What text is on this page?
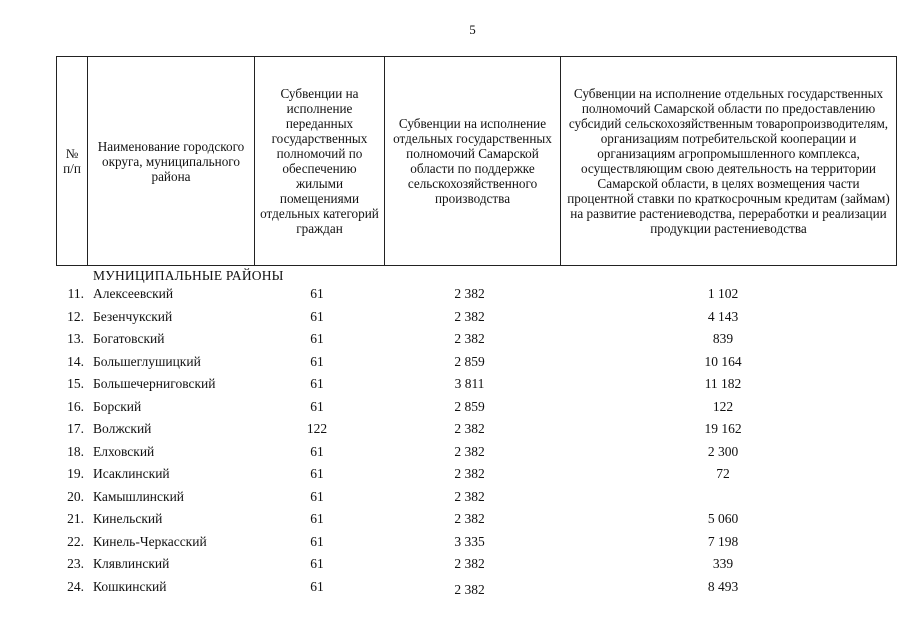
5
№ п/п	Наименование городского округа, муниципального района	Субвенции на исполнение переданных государственных полномочий по обеспечению жилыми помещениями отдельных категорий граждан	Субвенции на исполнение отдельных государственных полномочий Самарской области по поддержке сельскохозяйственного производства	Субвенции на исполнение отдельных государственных полномочий Самарской области по предоставлению субсидий сельскохозяйственным товаропроизводителям, организациям потребительской кооперации и организациям агропромышленного комплекса, осуществляющим свою деятельность на территории Самарской области, в целях возмещения части процентной ставки по краткосрочным кредитам (займам) на развитие растениеводства, переработки и реализации продукции растениеводства
МУНИЦИПАЛЬНЫЕ РАЙОНЫ
11. Алексеевский	61	2 382	1 102
12. Безенчукский	61	2 382	4 143
13. Богатовский	61	2 382	839
14. Большеглушицкий	61	2 859	10 164
15. Большечерниговский	61	3 811	11 182
16. Борский	61	2 859	122
17. Волжский	122	2 382	19 162
18. Елховский	61	2 382	2 300
19. Исаклинский	61	2 382	72
20. Камышлинский	61	2 382
21. Кинельский	61	2 382	5 060
22. Кинель-Черкасский	61	3 335	7 198
23. Клявлинский	61	2 382	339
24. Кошкинский	61	2 382	8 493
